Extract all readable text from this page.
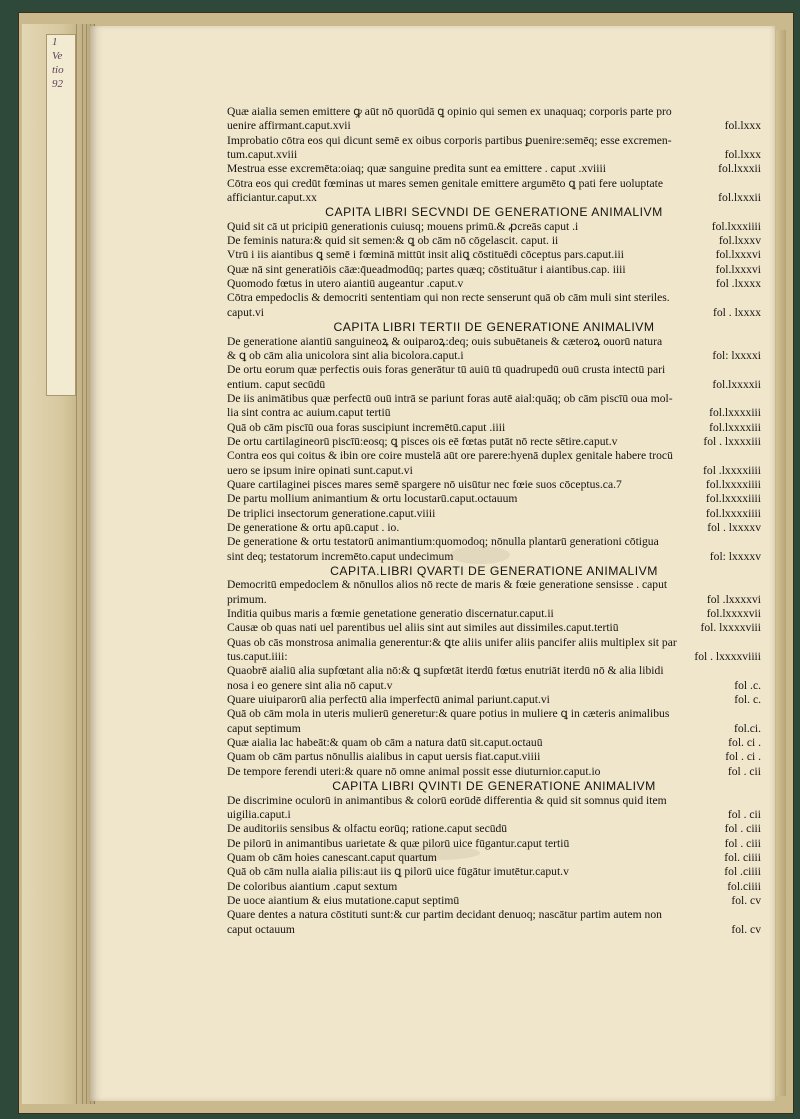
1
Ve
tio
92
Quæ aialia semen emittere ꝙ aūt nō quorūdā ꝗ opinio qui semen ex unaquaq; corporis parte pro
uenire affirmant.caput.xvii	fol.lxxx
Improbatio cōtra eos qui dicunt semē ex oibus corporis partibus ꝑuenire:semēq; esse excremen-
tum.caput.xviii	fol.lxxx
Mestrua esse excremēta:oiaq; quæ sanguine predita sunt ea emittere . caput .xviiii	fol.lxxxii
Cōtra eos qui credūt fœminas ut mares semen genitale emittere argumēto ꝗ pati fere uoluptate
afficiantur.caput.xx	fol.lxxxii
CAPITA LIBRI SECVNDI DE GENERATIONE ANIMALIVM
Quid sit cā ut pricipiū generationis cuiusq; mouens primū.& ꝓcreās caput .i	fol.lxxxiiii
De feminis natura:& quid sit semen:& ꝗ ob cām nō cōgelascit. caput. ii	fol.lxxxv
Vtrū i iis aiantibus ꝗ semē i fœminā mittūt insit aliꝗ cōstituēdi cōceptus pars.caput.iii	fol.lxxxvi
Quæ nā sint generatiōis cāæ:q̄ueadmodūq; partes quæq; cōstituātur i aiantibus.cap. iiii	fol.lxxxvi
Quomodo fœtus in utero aiantiū augeantur .caput.v	fol .lxxxx
Cōtra empedoclis & democriti sententiam qui non recte senserunt quā ob cām muli sint steriles.
caput.vi	fol . lxxxx
CAPITA LIBRI TERTII DE GENERATIONE ANIMALIVM
De generatione aiantiū sanguineoꝝ & ouiparoꝝ:deq; ouis subuētaneis & cæteroꝝ ouorū natura
& ꝗ ob cām alia unicolora sint alia bicolora.caput.i	fol: lxxxxi
De ortu eorum quæ perfectis ouis foras generātur tū auiū tū quadrupedū ouū crusta intectū pari
entium. caput secūdū	fol.lxxxxii
De iis animātibus quæ perfectū ouū intrā se pariunt foras autē aial:quāq; ob cām piscīū oua mol-
lia sint contra ac auium.caput tertiū	fol.lxxxxiii
Quā ob cām piscīū oua foras suscipiunt incremētū.caput .iiii	fol.lxxxxiii
De ortu cartilagineorū piscīū:eosq; ꝗ pisces ois eē fœtas putāt nō recte sētire.caput.v	fol . lxxxxiii
Contra eos qui coitus & ibin ore coire mustelā aūt ore parere:hyenā duplex genitale habere trocū
uero se ipsum inire opinati sunt.caput.vi	fol .lxxxxiiii
Quare cartilaginei pisces mares semē spargere nō uisūtur nec fœie suos cōceptus.ca.7	fol.lxxxxiiii
De partu mollium animantium & ortu locustarū.caput.octauum	fol.lxxxxiiii
De triplici insectorum generatione.caput.viiii	fol.lxxxxiiii
De generatione & ortu apū.caput . io.	fol . lxxxxv
De generatione & ortu testatorū animantium:quomodoq; nōnulla plantarū generationi cōtigua
sint deq; testatorum incremēto.caput undecimum	fol: lxxxxv
CAPITA.LIBRI QVARTI DE GENERATIONE ANIMALIVM
Democritū empedoclem & nōnullos alios nō recte de maris & fœie generatione sensisse . caput
primum.	fol .lxxxxvi
Inditia quibus maris a fœmie genetatione generatio discernatur.caput.ii	fol.lxxxxvii
Causæ ob quas nati uel parentibus uel aliis sint aut similes aut dissimiles.caput.tertiū	fol. lxxxxviii
Quas ob cās monstrosa animalia generentur:& ꝗte aliis unifer aliis pancifer aliis multiplex sit par
tus.caput.iiii:	fol . lxxxxviiii
Quaobrē aialiū alia supfœtant alia nō:& ꝗ supfœtāt iterdū fœtus enutriāt iterdū nō & alia libidi
nosa i eo genere sint alia nō caput.v	fol .c.
Quare uiuiparorū alia perfectū alia imperfectū animal pariunt.caput.vi	fol. c.
Quā ob cām mola in uteris mulierū generetur:& quare potius in muliere ꝗ in cæteris animalibus
caput septimum	fol.ci.
Quæ aialia lac habeāt:& quam ob cām a natura datū sit.caput.octauū	fol. ci .
Quam ob cām partus nōnullis aialibus in caput uersis fiat.caput.viiii	fol . ci .
De tempore ferendi uteri:& quare nō omne animal possit esse diuturnior.caput.io	fol . cii
CAPITA LIBRI QVINTI DE GENERATIONE ANIMALIVM
De discrimine oculorū in animantibus & colorū eorūdē differentia & quid sit somnus quid item
uigilia.caput.i	fol . cii
De auditoriis sensibus & olfactu eorūq; ratione.caput secūdū	fol . ciii
De pilorū in animantibus uarietate & quæ pilorū uice fūgantur.caput tertiū	fol . ciii
Quam ob cām hoies canescant.caput quartum	fol. ciiii
Quā ob cām nulla aialia pilis:aut iis ꝗ pilorū uice fūgātur imutētur.caput.v	fol .ciiii
De coloribus aiantium .caput sextum	fol.ciiii
De uoce aiantium & eius mutatione.caput septimū	fol. cv
Quare dentes a natura cōstituti sunt:& cur partim decidant denuoq; nascātur partim autem non
caput octauum	fol. cv
